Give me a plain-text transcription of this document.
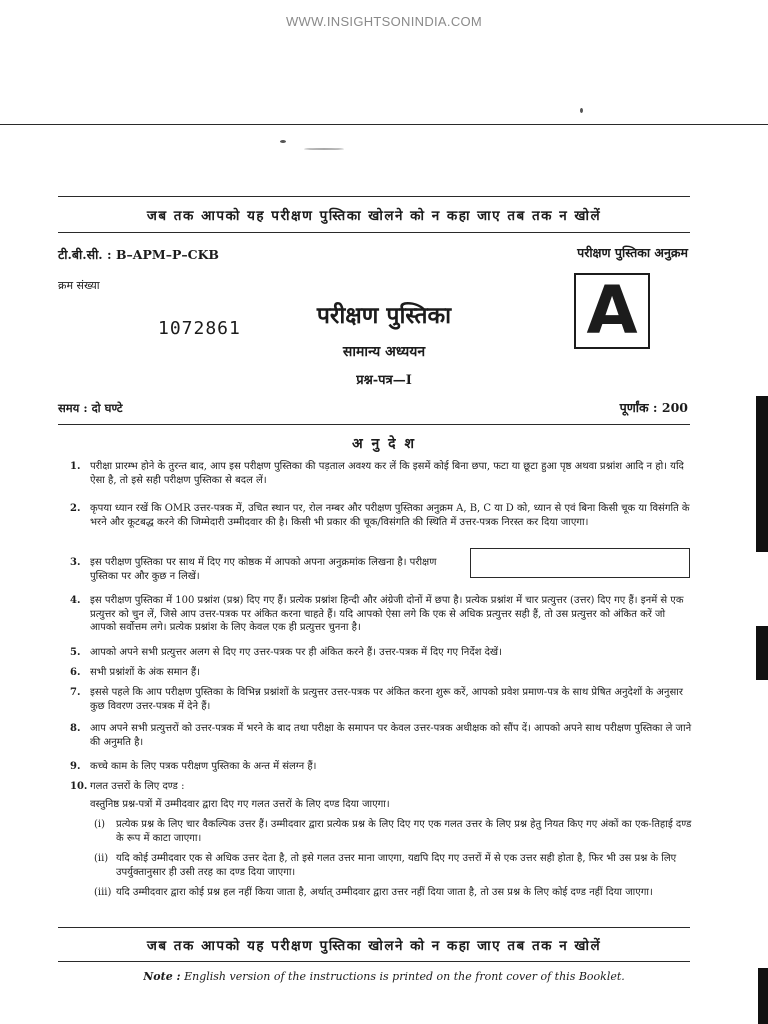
WWW.INSIGHTSONINDIA.COM
जब तक आपको यह परीक्षण पुस्तिका खोलने को न कहा जाए तब तक न खोलें
टी.बी.सी. : B–APM–P–CKB	परीक्षण पुस्तिका अनुक्रम
क्रम संख्या
1072861	A
परीक्षण पुस्तिका
सामान्य अध्ययन
प्रश्न-पत्र—I
समय : दो घण्टे	पूर्णांक : 200
अ नु दे श
1. परीक्षा प्रारम्भ होने के तुरन्त बाद, आप इस परीक्षण पुस्तिका की पड़ताल अवश्य कर लें कि इसमें कोई बिना छपा, फटा या छूटा हुआ पृष्ठ अथवा प्रश्नांश आदि न हो। यदि ऐसा है, तो इसे सही परीक्षण पुस्तिका से बदल लें।
2. कृपया ध्यान रखें कि OMR उत्तर-पत्रक में, उचित स्थान पर, रोल नम्बर और परीक्षण पुस्तिका अनुक्रम A, B, C या D को, ध्यान से एवं बिना किसी चूक या विसंगति के भरने और कूटबद्ध करने की जिम्मेदारी उम्मीदवार की है। किसी भी प्रकार की चूक/विसंगति की स्थिति में उत्तर-पत्रक निरस्त कर दिया जाएगा।
3. इस परीक्षण पुस्तिका पर साथ में दिए गए कोष्ठक में आपको अपना अनुक्रमांक लिखना है। परीक्षण पुस्तिका पर और कुछ न लिखें।
4. इस परीक्षण पुस्तिका में 100 प्रश्नांश (प्रश्न) दिए गए हैं। प्रत्येक प्रश्नांश हिन्दी और अंग्रेजी दोनों में छपा है। प्रत्येक प्रश्नांश में चार प्रत्युत्तर (उत्तर) दिए गए हैं। इनमें से एक प्रत्युत्तर को चुन लें, जिसे आप उत्तर-पत्रक पर अंकित करना चाहते हैं। यदि आपको ऐसा लगे कि एक से अधिक प्रत्युत्तर सही हैं, तो उस प्रत्युत्तर को अंकित करें जो आपको सर्वोत्तम लगे। प्रत्येक प्रश्नांश के लिए केवल एक ही प्रत्युत्तर चुनना है।
5. आपको अपने सभी प्रत्युत्तर अलग से दिए गए उत्तर-पत्रक पर ही अंकित करने हैं। उत्तर-पत्रक में दिए गए निर्देश देखें।
6. सभी प्रश्नांशों के अंक समान हैं।
7. इससे पहले कि आप परीक्षण पुस्तिका के विभिन्न प्रश्नांशों के प्रत्युत्तर उत्तर-पत्रक पर अंकित करना शुरू करें, आपको प्रवेश प्रमाण-पत्र के साथ प्रेषित अनुदेशों के अनुसार कुछ विवरण उत्तर-पत्रक में देने हैं।
8. आप अपने सभी प्रत्युत्तरों को उत्तर-पत्रक में भरने के बाद तथा परीक्षा के समापन पर केवल उत्तर-पत्रक अधीक्षक को सौंप दें। आपको अपने साथ परीक्षण पुस्तिका ले जाने की अनुमति है।
9. कच्चे काम के लिए पत्रक परीक्षण पुस्तिका के अन्त में संलग्न हैं।
10. गलत उत्तरों के लिए दण्ड :
वस्तुनिष्ठ प्रश्न-पत्रों में उम्मीदवार द्वारा दिए गए गलत उत्तरों के लिए दण्ड दिया जाएगा।
(i) प्रत्येक प्रश्न के लिए चार वैकल्पिक उत्तर हैं। उम्मीदवार द्वारा प्रत्येक प्रश्न के लिए दिए गए एक गलत उत्तर के लिए प्रश्न हेतु नियत किए गए अंकों का एक-तिहाई दण्ड के रूप में काटा जाएगा।
(ii) यदि कोई उम्मीदवार एक से अधिक उत्तर देता है, तो इसे गलत उत्तर माना जाएगा, यद्यपि दिए गए उत्तरों में से एक उत्तर सही होता है, फिर भी उस प्रश्न के लिए उपर्युक्तानुसार ही उसी तरह का दण्ड दिया जाएगा।
(iii) यदि उम्मीदवार द्वारा कोई प्रश्न हल नहीं किया जाता है, अर्थात् उम्मीदवार द्वारा उत्तर नहीं दिया जाता है, तो उस प्रश्न के लिए कोई दण्ड नहीं दिया जाएगा।
जब तक आपको यह परीक्षण पुस्तिका खोलने को न कहा जाए तब तक न खोलें
Note : English version of the instructions is printed on the front cover of this Booklet.
